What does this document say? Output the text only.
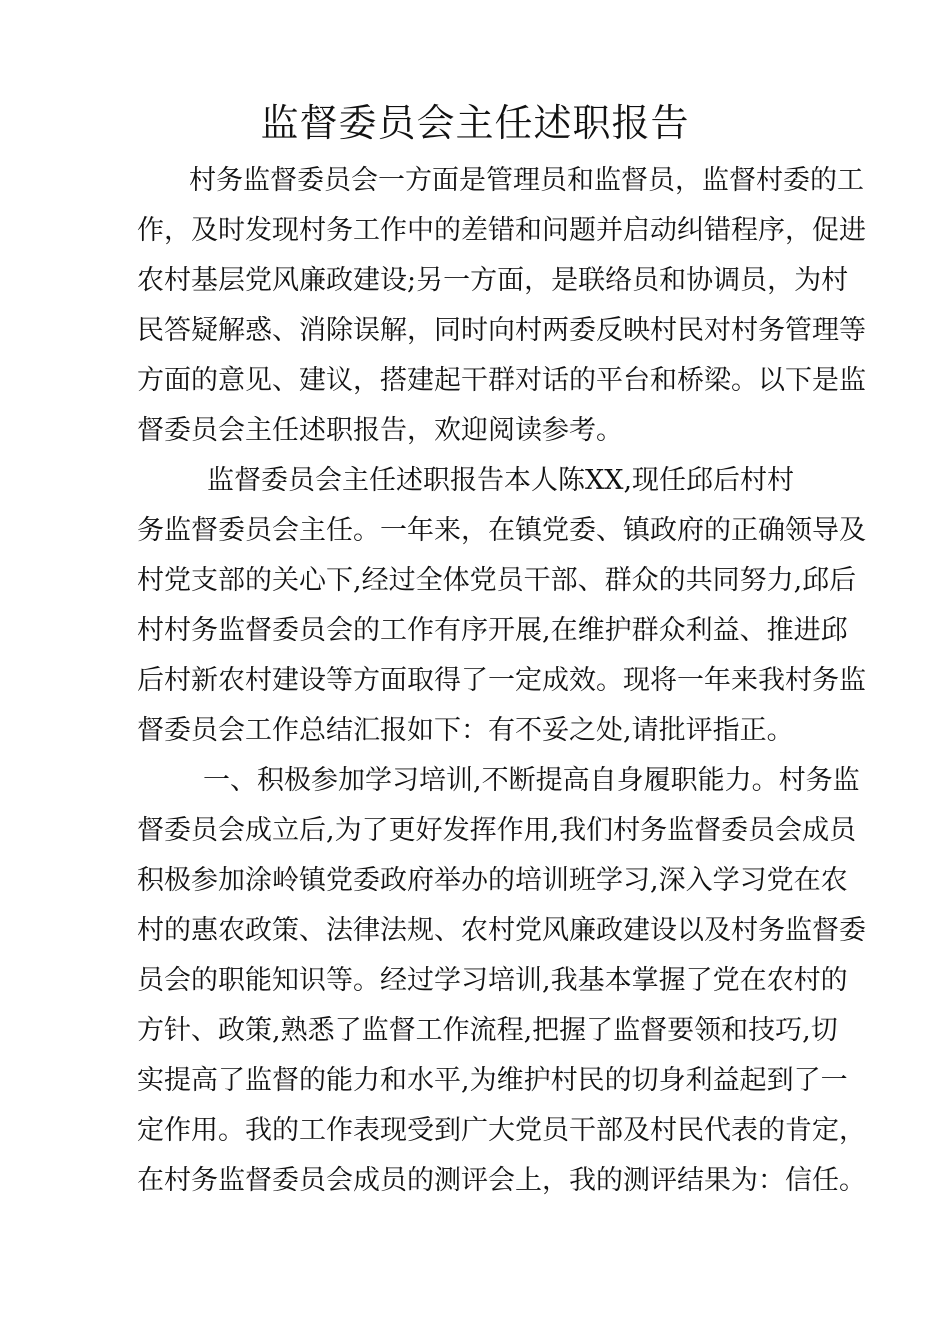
监督委员会主任述职报告
村务监督委员会一方面是管理员和监督员，监督村委的工
作，及时发现村务工作中的差错和问题并启动纠错程序，促进
农村基层党风廉政建设;另一方面，是联络员和协调员，为村
民答疑解惑、消除误解，同时向村两委反映村民对村务管理等
方面的意见、建议，搭建起干群对话的平台和桥梁。以下是监
督委员会主任述职报告，欢迎阅读参考。
监督委员会主任述职报告本人陈XX,现任邱后村村
务监督委员会主任。一年来，在镇党委、镇政府的正确领导及
村党支部的关心下,经过全体党员干部、群众的共同努力,邱后
村村务监督委员会的工作有序开展,在维护群众利益、推进邱
后村新农村建设等方面取得了一定成效。现将一年来我村务监
督委员会工作总结汇报如下：有不妥之处,请批评指正。
一、积极参加学习培训,不断提高自身履职能力。村务监
督委员会成立后,为了更好发挥作用,我们村务监督委员会成员
积极参加涂岭镇党委政府举办的培训班学习,深入学习党在农
村的惠农政策、法律法规、农村党风廉政建设以及村务监督委
员会的职能知识等。经过学习培训,我基本掌握了党在农村的
方针、政策,熟悉了监督工作流程,把握了监督要领和技巧,切
实提高了监督的能力和水平,为维护村民的切身利益起到了一
定作用。我的工作表现受到广大党员干部及村民代表的肯定，
在村务监督委员会成员的测评会上，我的测评结果为：信任。
